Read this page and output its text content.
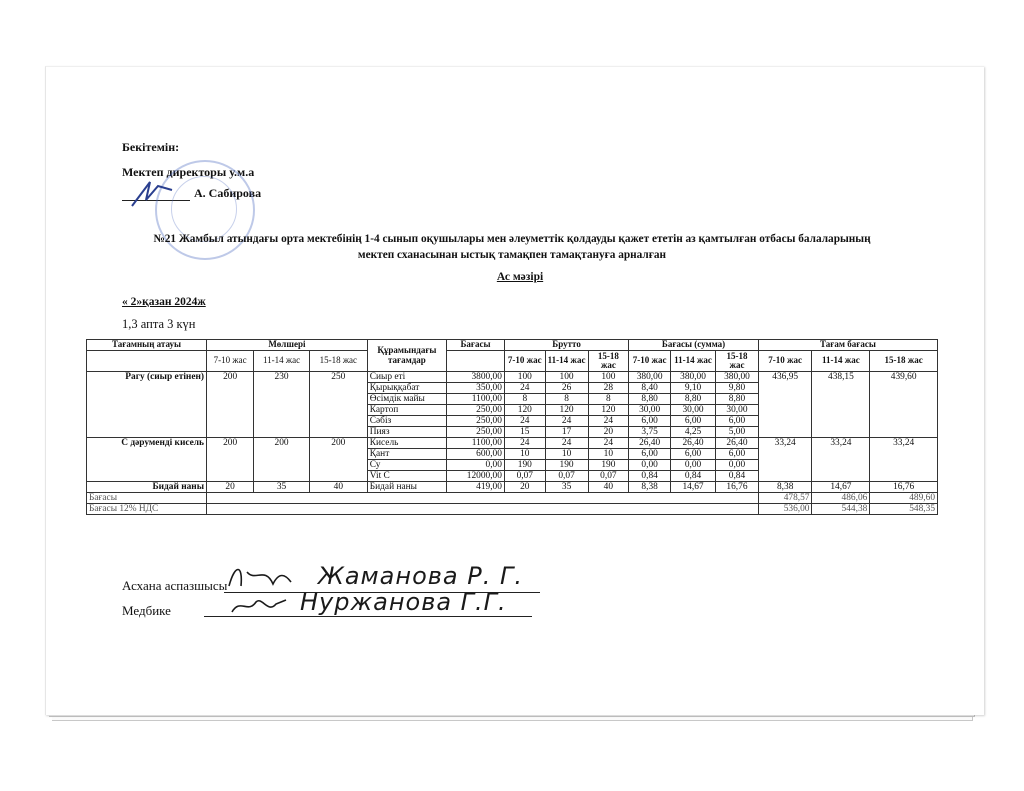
Бекітемін:
Мектеп директоры у.м.а
А. Сабирова
№21 Жамбыл атындағы орта мектебінің 1-4 сынып оқушылары мен әлеуметтік қолдауды қажет ететін аз қамтылған отбасы балаларының
мектеп сханасынан ыстық тамақпен тамақтануға арналған
Ас мәзірі
« 2»қазан 2024ж
1,3 апта 3 күн
Тағамның атауы	Мөлшері			Құрамындағы тағамдар	Бағасы	Брутто			Бағасы (сумма)			Тағам бағасы		
	7-10 жас	11-14 жас	15-18 жас			7-10 жас	11-14 жас	15-18 жас	7-10 жас	11-14 жас	15-18 жас	7-10 жас	11-14 жас	15-18 жас
Рагу (сиыр етінен)	200	230	250	Сиыр еті	3800,00	100	100	100	380,00	380,00	380,00	436,95	438,15	439,60
				Қырыққабат	350,00	24	26	28	8,40	9,10	9,80			
				Өсімдік майы	1100,00	8	8	8	8,80	8,80	8,80			
				Картоп	250,00	120	120	120	30,00	30,00	30,00			
				Сәбіз	250,00	24	24	24	6,00	6,00	6,00			
				Пияз	250,00	15	17	20	3,75	4,25	5,00			
С дәруменді кисель	200	200	200	Кисель	1100,00	24	24	24	26,40	26,40	26,40	33,24	33,24	33,24
				Қант	600,00	10	10	10	6,00	6,00	6,00			
				Су	0,00	190	190	190	0,00	0,00	0,00			
				Vit C	12000,00	0,07	0,07	0,07	0,84	0,84	0,84			
Бидай наны	20	35	40	Бидай наны	419,00	20	35	40	8,38	14,67	16,76	8,38	14,67	16,76
Бағасы												478,57	486,06	489,60
Бағасы 12% НДС												536,00	544,38	548,35
Асхана аспазшысы	Жаманова Р. Г.
Медбике	Нуржанова Г.Г.
